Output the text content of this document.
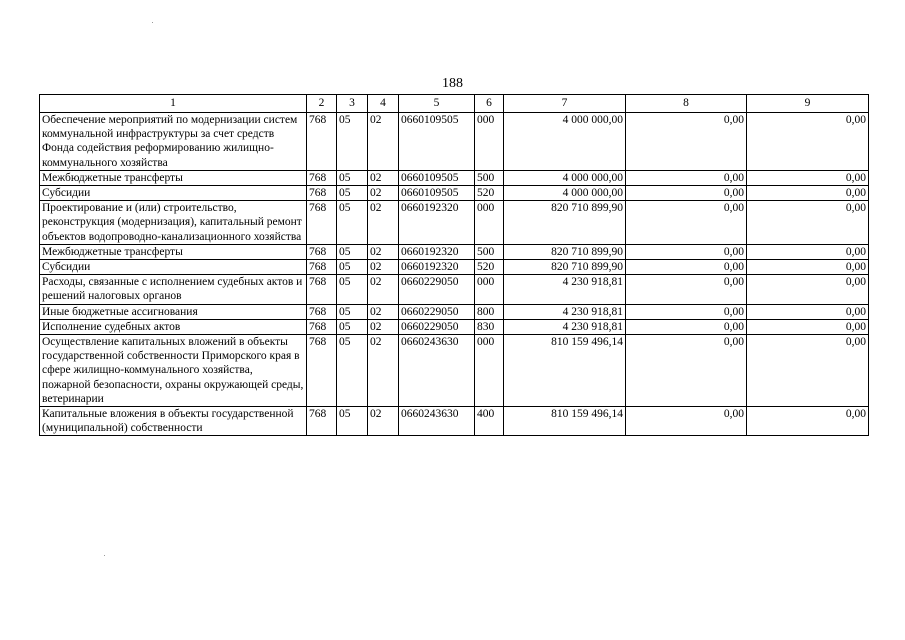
188
1	2	3	4	5	6	7	8	9
Обеспечение мероприятий по модернизации систем коммунальной инфраструктуры за счет средств Фонда содействия реформированию жилищно-коммунального хозяйства	768	05	02	0660109505	000	4 000 000,00	0,00	0,00
Межбюджетные трансферты	768	05	02	0660109505	500	4 000 000,00	0,00	0,00
Субсидии	768	05	02	0660109505	520	4 000 000,00	0,00	0,00
Проектирование и (или) строительство, реконструкция (модернизация), капитальный ремонт объектов водопроводно-канализационного хозяйства	768	05	02	0660192320	000	820 710 899,90	0,00	0,00
Межбюджетные трансферты	768	05	02	0660192320	500	820 710 899,90	0,00	0,00
Субсидии	768	05	02	0660192320	520	820 710 899,90	0,00	0,00
Расходы, связанные с исполнением судебных актов и решений налоговых органов	768	05	02	0660229050	000	4 230 918,81	0,00	0,00
Иные бюджетные ассигнования	768	05	02	0660229050	800	4 230 918,81	0,00	0,00
Исполнение судебных актов	768	05	02	0660229050	830	4 230 918,81	0,00	0,00
Осуществление капитальных вложений в объекты государственной собственности Приморского края в сфере жилищно-коммунального хозяйства, пожарной безопасности, охраны окружающей среды, ветеринарии	768	05	02	0660243630	000	810 159 496,14	0,00	0,00
Капитальные вложения в объекты государственной (муниципальной) собственности	768	05	02	0660243630	400	810 159 496,14	0,00	0,00
